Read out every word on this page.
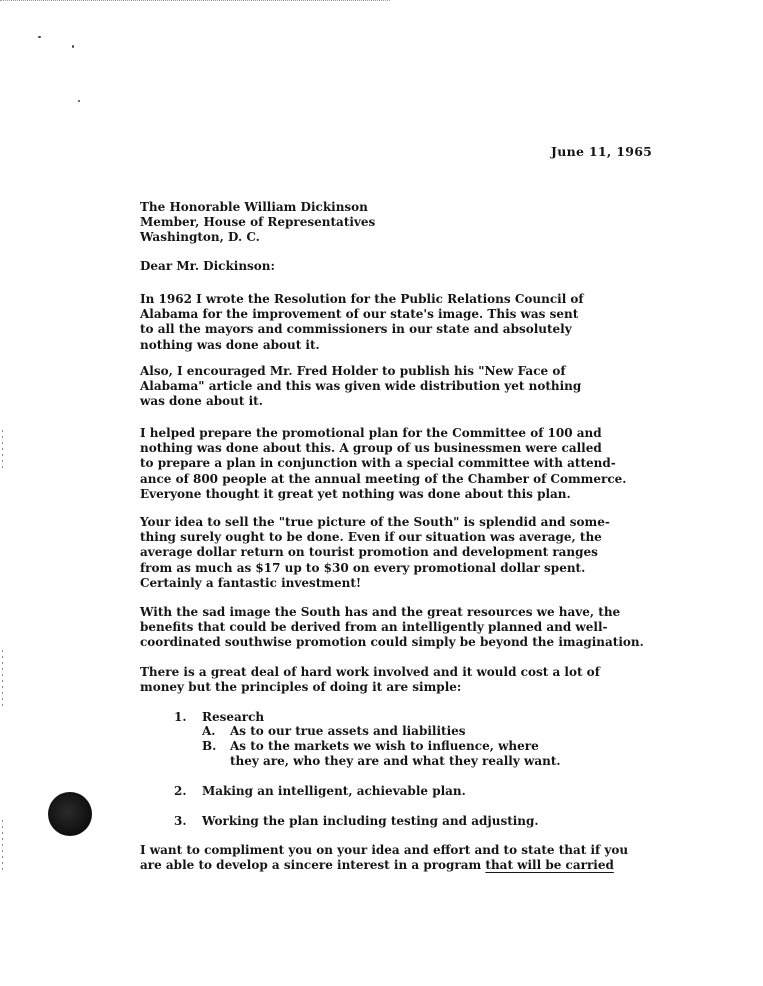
June 11, 1965
The Honorable William Dickinson
Member, House of Representatives
Washington, D. C.
Dear Mr. Dickinson:
In 1962 I wrote the Resolution for the Public Relations Council of
Alabama for the improvement of our state's image. This was sent
to all the mayors and commissioners in our state and absolutely
nothing was done about it.
Also, I encouraged Mr. Fred Holder to publish his "New Face of
Alabama" article and this was given wide distribution yet nothing
was done about it.
I helped prepare the promotional plan for the Committee of 100 and
nothing was done about this. A group of us businessmen were called
to prepare a plan in conjunction with a special committee with attend-
ance of 800 people at the annual meeting of the Chamber of Commerce.
Everyone thought it great yet nothing was done about this plan.
Your idea to sell the "true picture of the South" is splendid and some-
thing surely ought to be done. Even if our situation was average, the
average dollar return on tourist promotion and development ranges
from as much as $17 up to $30 on every promotional dollar spent.
Certainly a fantastic investment!
With the sad image the South has and the great resources we have, the
benefits that could be derived from an intelligently planned and well-
coordinated southwise promotion could simply be beyond the imagination.
There is a great deal of hard work involved and it would cost a lot of
money but the principles of doing it are simple:
1. Research
A. As to our true assets and liabilities
B. As to the markets we wish to influence, where
they are, who they are and what they really want.
2. Making an intelligent, achievable plan.
3. Working the plan including testing and adjusting.
I want to compliment you on your idea and effort and to state that if you
are able to develop a sincere interest in a program that will be carried
